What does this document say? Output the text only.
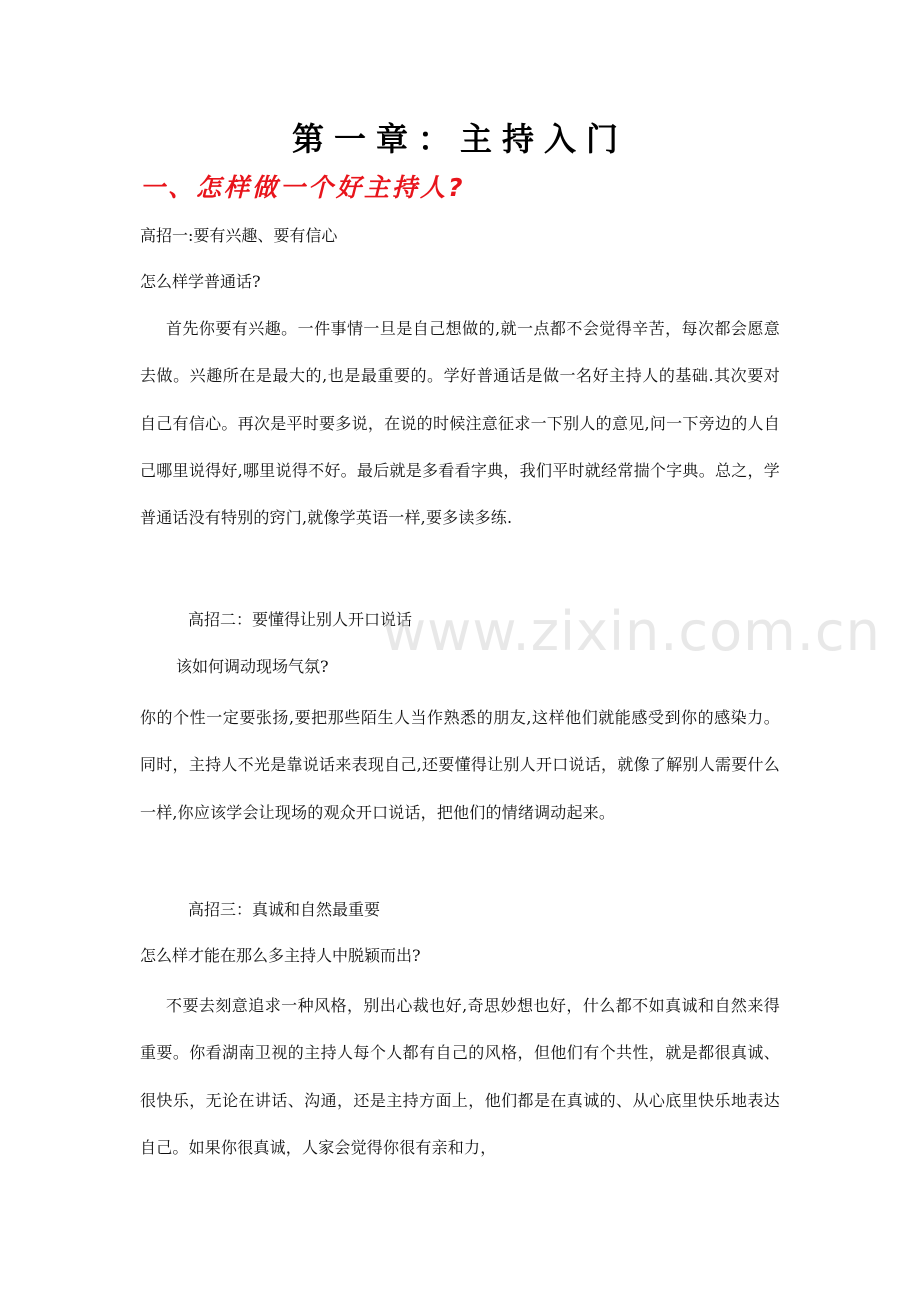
第一章：主持入门
一、怎样做一个好主持人?
高招一:要有兴趣、要有信心
怎么样学普通话?
首先你要有兴趣。一件事情一旦是自己想做的,就一点都不会觉得辛苦，每次都会愿意去做。兴趣所在是最大的,也是最重要的。学好普通话是做一名好主持人的基础.其次要对自己有信心。再次是平时要多说，在说的时候注意征求一下别人的意见,问一下旁边的人自己哪里说得好,哪里说得不好。最后就是多看看字典，我们平时就经常揣个字典。总之，学普通话没有特别的窍门,就像学英语一样,要多读多练.
高招二：要懂得让别人开口说话
该如何调动现场气氛?
你的个性一定要张扬,要把那些陌生人当作熟悉的朋友,这样他们就能感受到你的感染力。同时，主持人不光是靠说话来表现自己,还要懂得让别人开口说话，就像了解别人需要什么一样,你应该学会让现场的观众开口说话，把他们的情绪调动起来。
高招三：真诚和自然最重要
怎么样才能在那么多主持人中脱颖而出?
不要去刻意追求一种风格，别出心裁也好,奇思妙想也好，什么都不如真诚和自然来得重要。你看湖南卫视的主持人每个人都有自己的风格，但他们有个共性，就是都很真诚、很快乐，无论在讲话、沟通，还是主持方面上，他们都是在真诚的、从心底里快乐地表达自己。如果你很真诚，人家会觉得你很有亲和力，
www.zixin.com.cn
